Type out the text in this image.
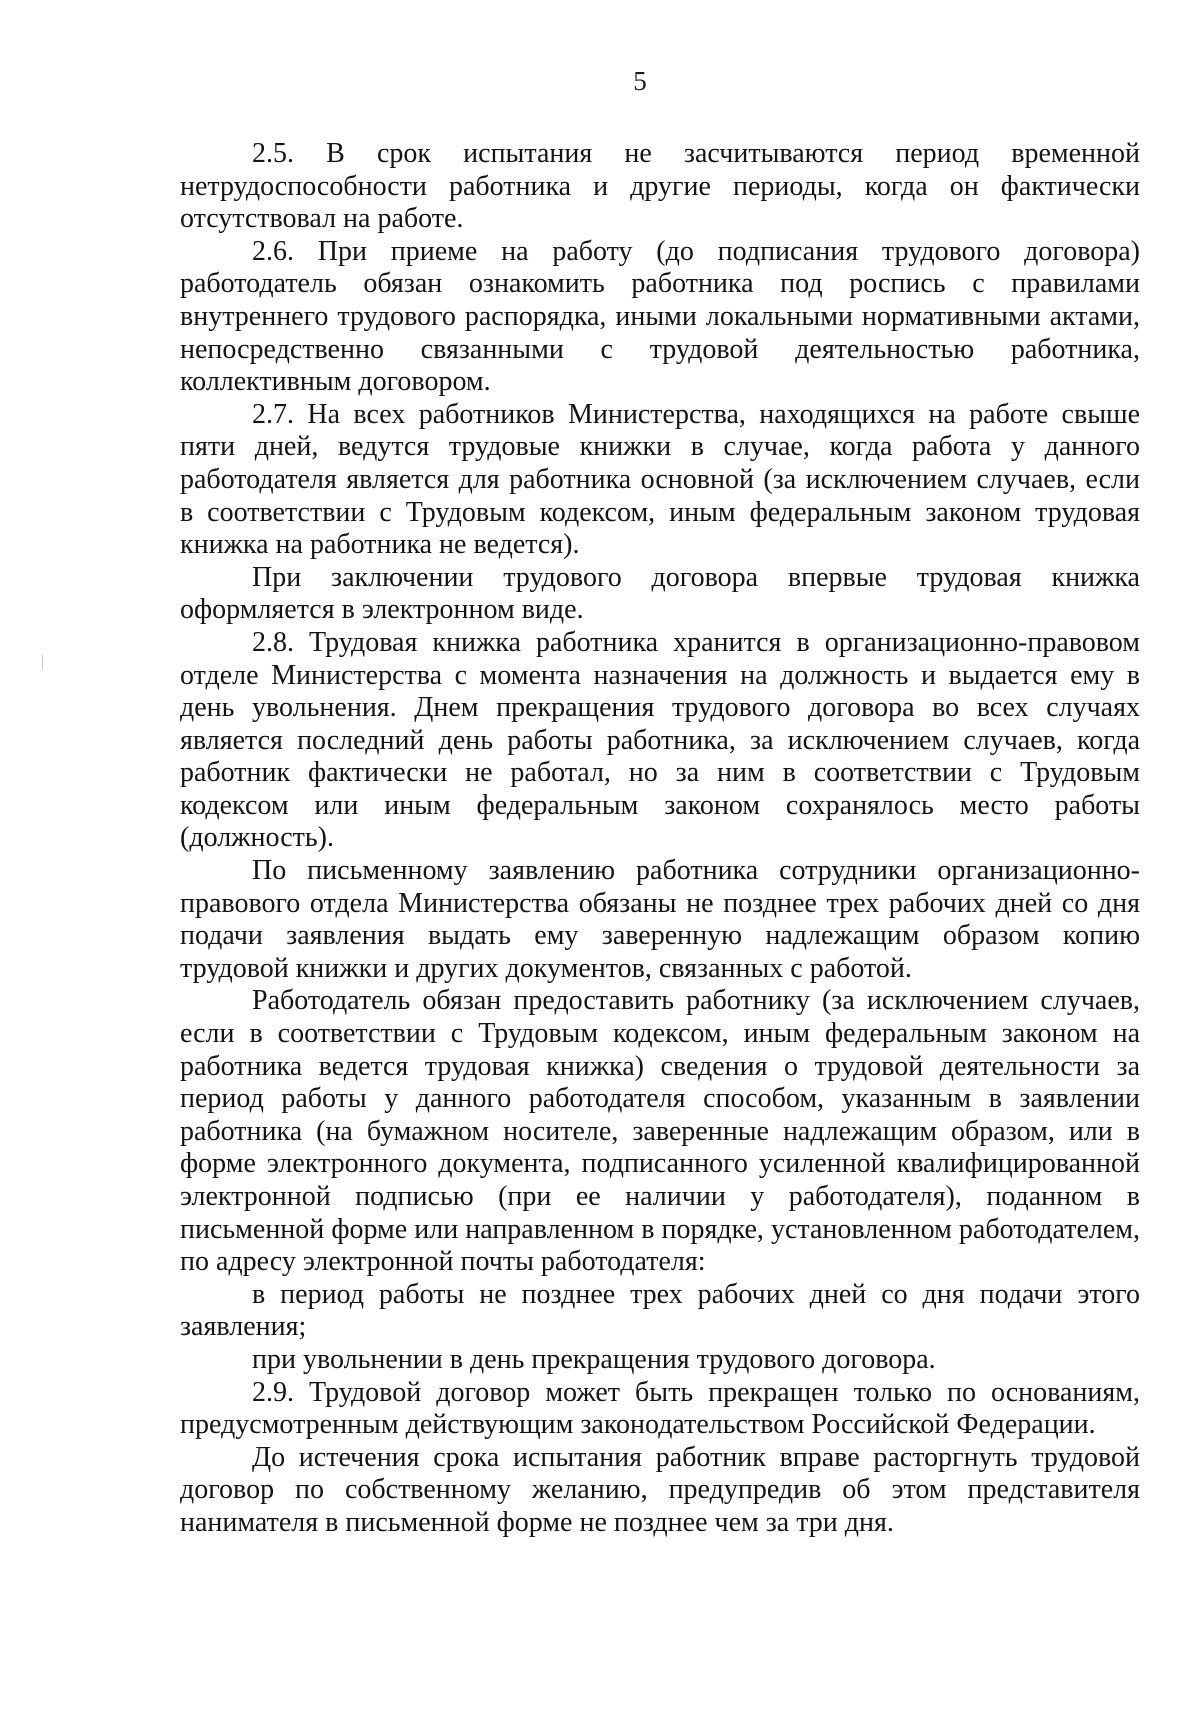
5

2.5. В срок испытания не засчитываются период временной нетрудоспособности работника и другие периоды, когда он фактически отсутствовал на работе.

2.6. При приеме на работу (до подписания трудового договора) работодатель обязан ознакомить работника под роспись с правилами внутреннего трудового распорядка, иными локальными нормативными актами, непосредственно связанными с трудовой деятельностью работника, коллективным договором.

2.7. На всех работников Министерства, находящихся на работе свыше пяти дней, ведутся трудовые книжки в случае, когда работа у данного работодателя является для работника основной (за исключением случаев, если в соответствии с Трудовым кодексом, иным федеральным законом трудовая книжка на работника не ведется).

При заключении трудового договора впервые трудовая книжка оформляется в электронном виде.

2.8. Трудовая книжка работника хранится в организационно-правовом отделе Министерства с момента назначения на должность и выдается ему в день увольнения. Днем прекращения трудового договора во всех случаях является последний день работы работника, за исключением случаев, когда работник фактически не работал, но за ним в соответствии с Трудовым кодексом или иным федеральным законом сохранялось место работы (должность).

По письменному заявлению работника сотрудники организационно-правового отдела Министерства обязаны не позднее трех рабочих дней со дня подачи заявления выдать ему заверенную надлежащим образом копию трудовой книжки и других документов, связанных с работой.

Работодатель обязан предоставить работнику (за исключением случаев, если в соответствии с Трудовым кодексом, иным федеральным законом на работника ведется трудовая книжка) сведения о трудовой деятельности за период работы у данного работодателя способом, указанным в заявлении работника (на бумажном носителе, заверенные надлежащим образом, или в форме электронного документа, подписанного усиленной квалифицированной электронной подписью (при ее наличии у работодателя), поданном в письменной форме или направленном в порядке, установленном работодателем, по адресу электронной почты работодателя:

в период работы не позднее трех рабочих дней со дня подачи этого заявления;

при увольнении в день прекращения трудового договора.

2.9. Трудовой договор может быть прекращен только по основаниям, предусмотренным действующим законодательством Российской Федерации.

До истечения срока испытания работник вправе расторгнуть трудовой договор по собственному желанию, предупредив об этом представителя нанимателя в письменной форме не позднее чем за три дня.
